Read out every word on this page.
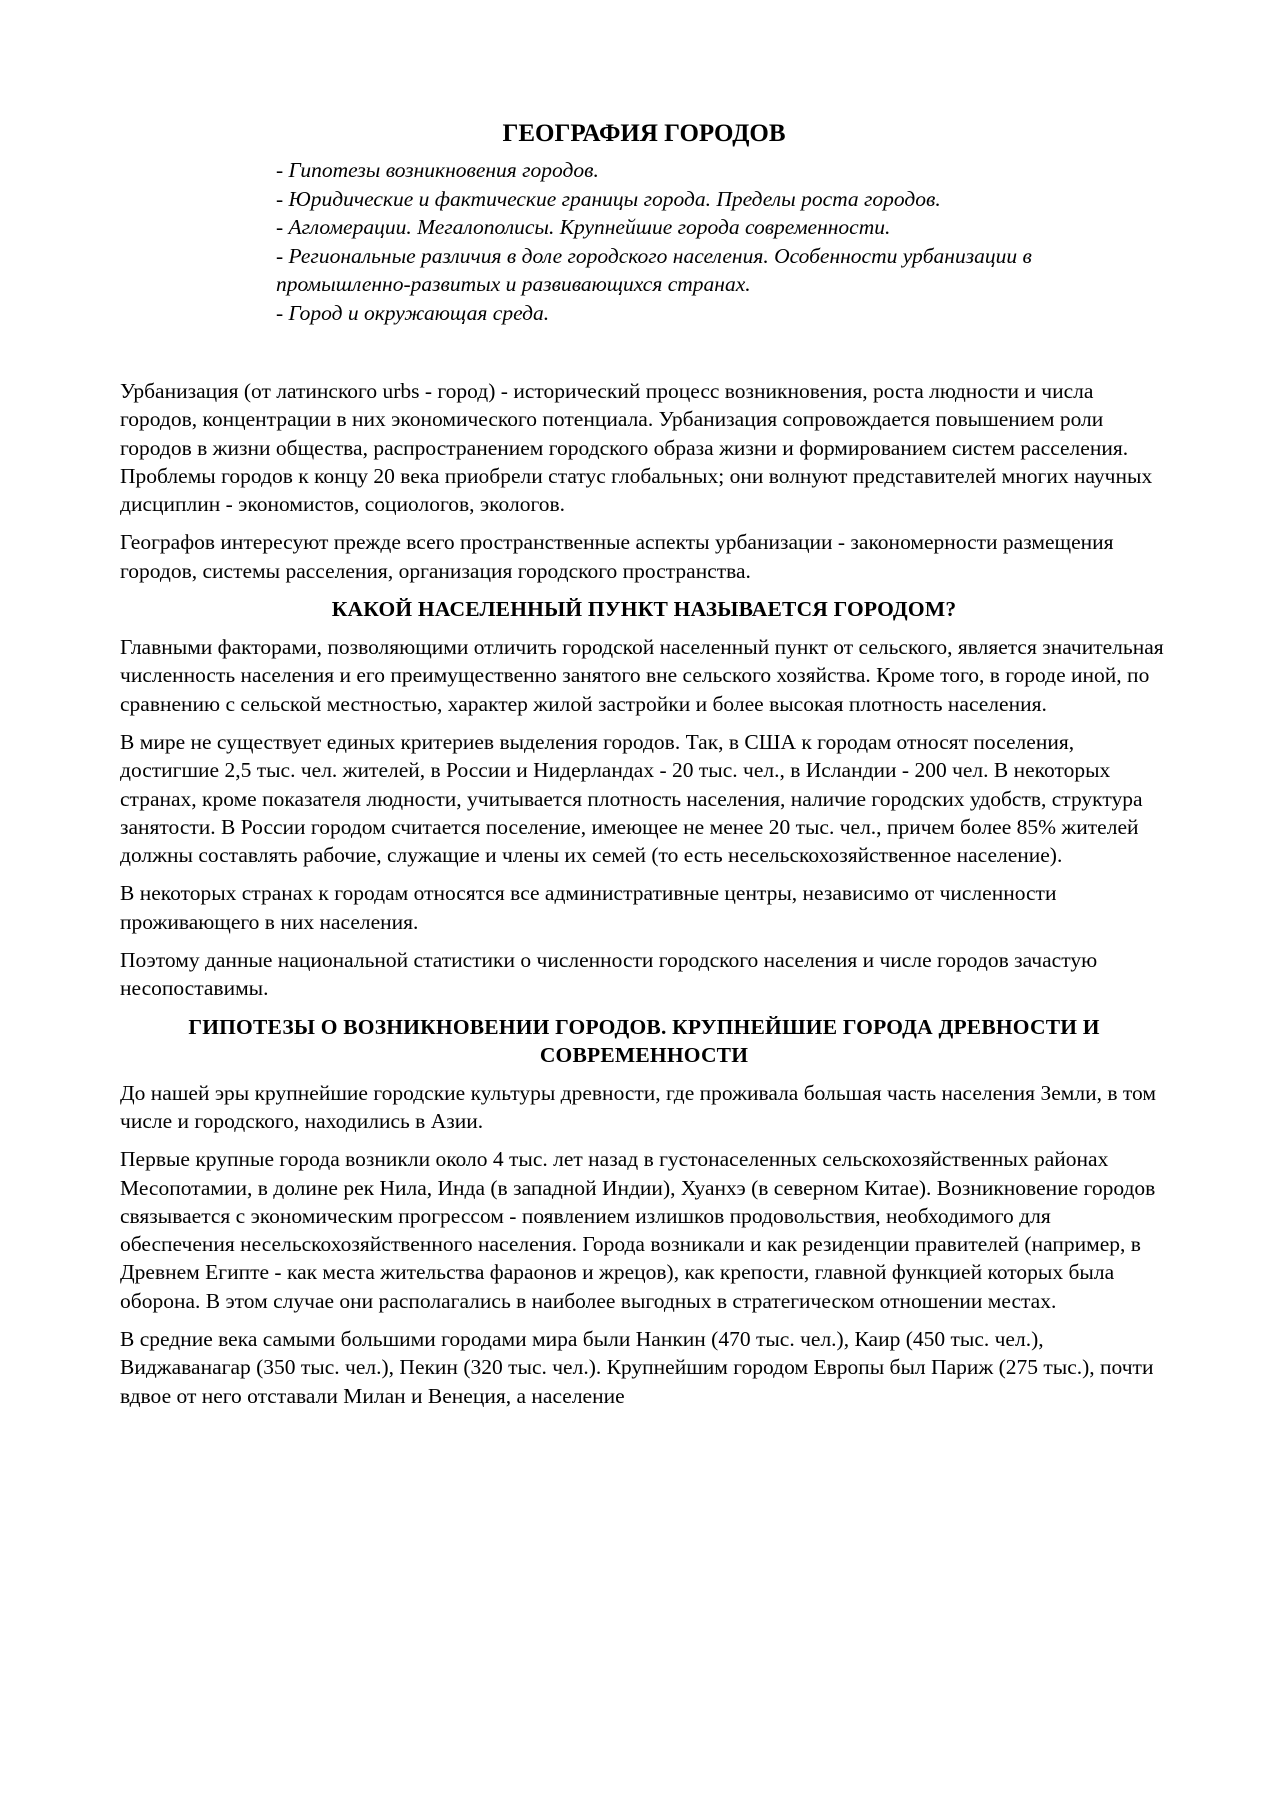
ГЕОГРАФИЯ ГОРОДОВ
- Гипотезы возникновения городов.
- Юридические и фактические границы города. Пределы роста городов.
- Агломерации. Мегалополисы. Крупнейшие города современности.
- Региональные различия в доле городского населения. Особенности урбанизации в промышленно-развитых и развивающихся странах.
- Город и окружающая среда.

Урбанизация (от латинского urbs - город) - исторический процесс возникновения, роста людности и числа городов, концентрации в них экономического потенциала. Урбанизация сопровождается повышением роли городов в жизни общества, распространением городского образа жизни и формированием систем расселения. Проблемы городов к концу 20 века приобрели статус глобальных; они волнуют представителей многих научных дисциплин - экономистов, социологов, экологов.

Географов интересуют прежде всего пространственные аспекты урбанизации - закономерности размещения городов, системы расселения, организация городского пространства.

КАКОЙ НАСЕЛЕННЫЙ ПУНКТ НАЗЫВАЕТСЯ ГОРОДОМ?

Главными факторами, позволяющими отличить городской населенный пункт от сельского, является значительная численность населения и его преимущественно занятого вне сельского хозяйства. Кроме того, в городе иной, по сравнению с сельской местностью, характер жилой застройки и более высокая плотность населения.

В мире не существует единых критериев выделения городов. Так, в США к городам относят поселения, достигшие 2,5 тыс. чел. жителей, в России и Нидерландах - 20 тыс. чел., в Исландии - 200 чел. В некоторых странах, кроме показателя людности, учитывается плотность населения, наличие городских удобств, структура занятости. В России городом считается поселение, имеющее не менее 20 тыс. чел., причем более 85% жителей должны составлять рабочие, служащие и члены их семей (то есть несельскохозяйственное население).

В некоторых странах к городам относятся все административные центры, независимо от численности проживающего в них населения.

Поэтому данные национальной статистики о численности городского населения и числе городов зачастую несопоставимы.

ГИПОТЕЗЫ О ВОЗНИКНОВЕНИИ ГОРОДОВ. КРУПНЕЙШИЕ ГОРОДА ДРЕВНОСТИ И СОВРЕМЕННОСТИ

До нашей эры крупнейшие городские культуры древности, где проживала большая часть населения Земли, в том числе и городского, находились в Азии.

Первые крупные города возникли около 4 тыс. лет назад в густонаселенных сельскохозяйственных районах Месопотамии, в долине рек Нила, Инда (в западной Индии), Хуанхэ (в северном Китае). Возникновение городов связывается с экономическим прогрессом - появлением излишков продовольствия, необходимого для обеспечения несельскохозяйственного населения. Города возникали и как резиденции правителей (например, в Древнем Египте - как места жительства фараонов и жрецов), как крепости, главной функцией которых была оборона. В этом случае они располагались в наиболее выгодных в стратегическом отношении местах.

В средние века самыми большими городами мира были Нанкин (470 тыс. чел.), Каир (450 тыс. чел.), Виджаванагар (350 тыс. чел.), Пекин (320 тыс. чел.). Крупнейшим городом Европы был Париж (275 тыс.), почти вдвое от него отставали Милан и Венеция, а население
